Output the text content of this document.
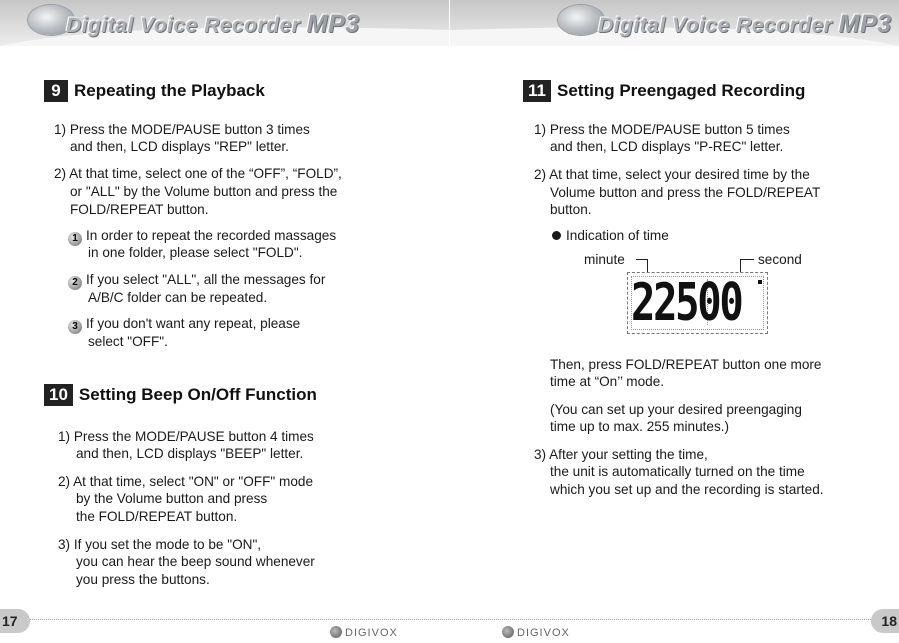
Digital Voice Recorder MP3
9 Repeating the Playback
1) Press the MODE/PAUSE button 3 times
and then, LCD displays "REP" letter.
2) At that time, select one of the “OFF”, “FOLD”,
or "ALL" by the Volume button and press the
FOLD/REPEAT button.
1 In order to repeat the recorded massages
in one folder, please select "FOLD".
2 If you select "ALL", all the messages for
A/B/C folder can be repeated.
3 If you don't want any repeat, please
select "OFF".
10 Setting Beep On/Off Function
1) Press the MODE/PAUSE button 4 times
and then, LCD displays "BEEP" letter.
2) At that time, select "ON" or "OFF" mode
by the Volume button and press
the FOLD/REPEAT button.
3) If you set the mode to be "ON",
you can hear the beep sound whenever
you press the buttons.
17
DIGIVOX
Digital Voice Recorder MP3
11 Setting Preengaged Recording
1) Press the MODE/PAUSE button 5 times
and then, LCD displays "P-REC" letter.
2) At that time, select your desired time by the
Volume button and press the FOLD/REPEAT
button.
Indication of time
minute	second
22500
Then, press FOLD/REPEAT button one more
time at “On’’ mode.
(You can set up your desired preengaging
time up to max. 255 minutes.)
3) After your setting the time,
the unit is automatically turned on the time
which you set up and the recording is started.
18
DIGIVOX
